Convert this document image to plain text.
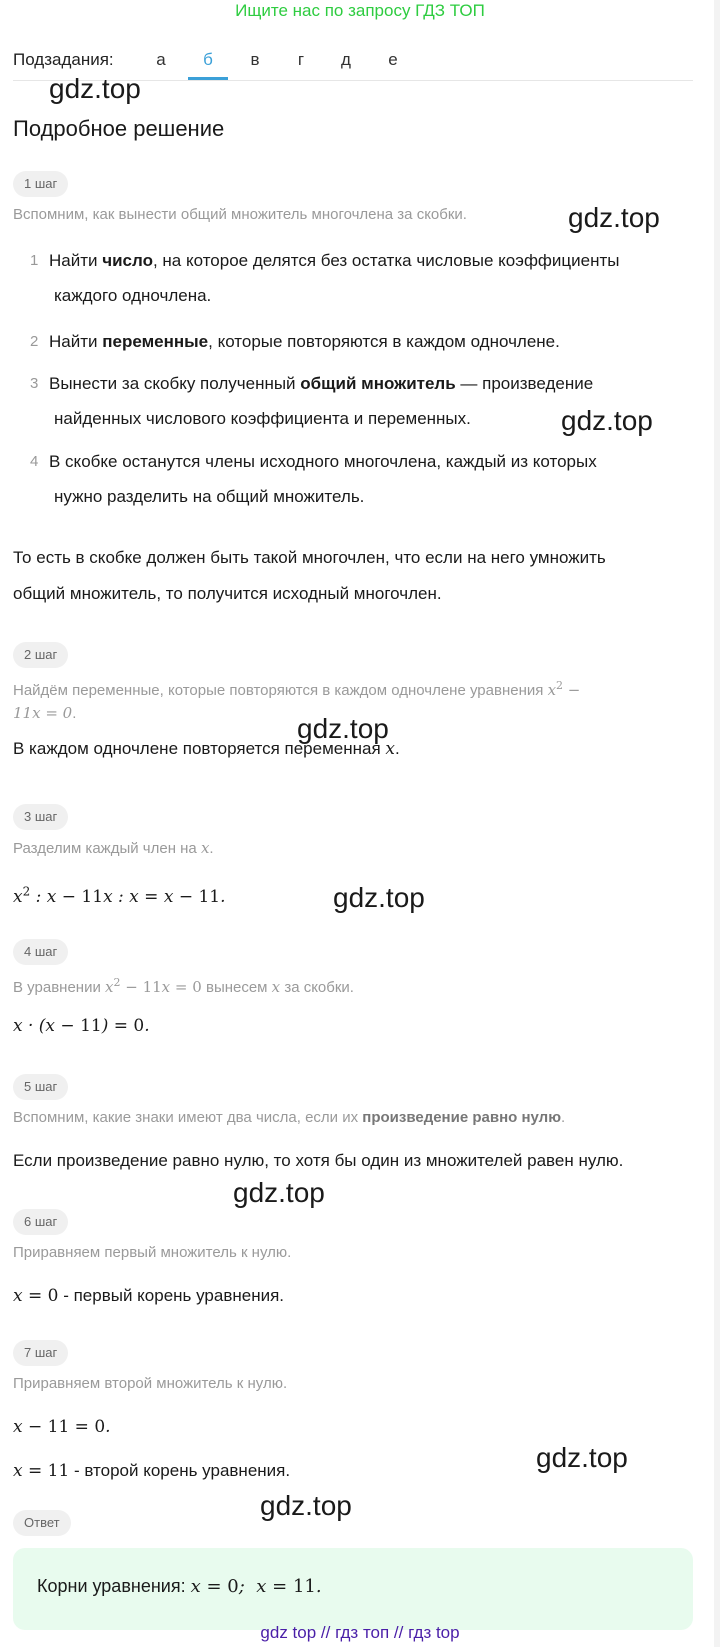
Ищите нас по запросу ГДЗ ТОП
Подзадания:	а	б	в	г	д	е
gdz.top
gdz.top
gdz.top
gdz.top
gdz.top
gdz.top
gdz.top
gdz.top
Подробное решение
1 шаг
Вспомним, как вынести общий множитель многочлена за скобки.
1 Найти число, на которое делятся без остатка числовые коэффициенты
каждого одночлена.
2 Найти переменные, которые повторяются в каждом одночлене.
3 Вынести за скобку полученный общий множитель — произведение
найденных числового коэффициента и переменных.
4 В скобке останутся члены исходного многочлена, каждый из которых
нужно разделить на общий множитель.
То есть в скобке должен быть такой многочлен, что если на него умножить
общий множитель, то получится исходный многочлен.
2 шаг
Найдём переменные, которые повторяются в каждом одночлене уравнения $x^2$ −
11x = 0.
В каждом одночлене повторяется переменная x.
3 шаг
Разделим каждый член на x.
$x^2$ : x − 11x : x = x − 11.
4 шаг
В уравнении $x^2 - 11x = 0$ вынесем x за скобки.
x · (x − 11) = 0.
5 шаг
Вспомним, какие знаки имеют два числа, если их произведение равно нулю.
Если произведение равно нулю, то хотя бы один из множителей равен нулю.
6 шаг
Приравняем первый множитель к нулю.
x = 0 - первый корень уравнения.
7 шаг
Приравняем второй множитель к нулю.
x − 11 = 0.
x = 11 - второй корень уравнения.
Ответ
Корни уравнения: x = 0;  x = 11.
gdz top // гдз топ // гдз top
